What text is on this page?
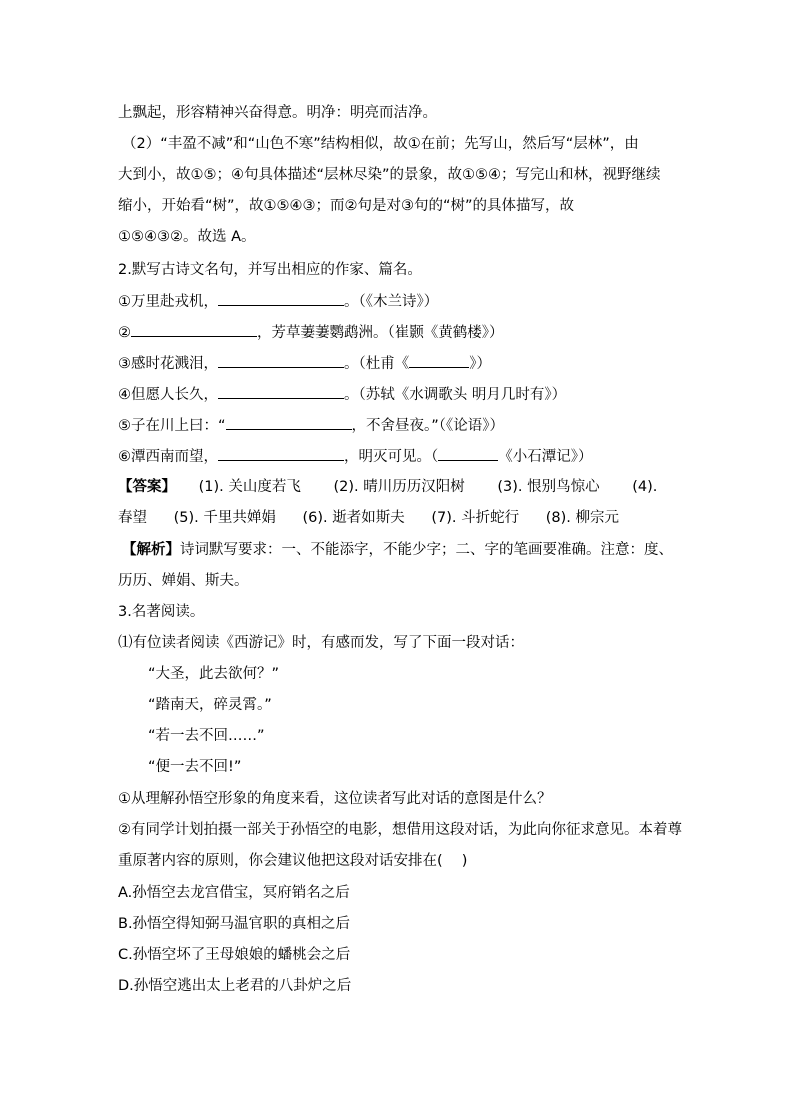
上飘起，形容精神兴奋得意。明净：明亮而洁净。
（2）“丰盈不减”和“山色不寒”结构相似，故①在前；先写山，然后写“层林”，由
大到小，故①⑤；④句具体描述“层林尽染”的景象，故①⑤④；写完山和林，视野继续
缩小，开始看“树”，故①⑤④③；而②句是对③句的“树”的具体描写，故
①⑤④③②。故选 A。
2.默写古诗文名句，并写出相应的作家、篇名。
①万里赴戎机，	。（《木兰诗》）
②	，芳草萋萋鹦鹉洲。（崔颢《黄鹤楼》）
③感时花溅泪，	。（杜甫《	》）
④但愿人长久，	。（苏轼《水调歌头 明月几时有》）
⑤子在川上曰：“	，不舍昼夜。”（《论语》）
⑥潭西南而望，	，明灭可见。（	《小石潭记》）
【答案】 (1). 关山度若飞 (2). 晴川历历汉阳树 (3). 恨别鸟惊心 (4).
春望 (5). 千里共婵娟 (6). 逝者如斯夫 (7). 斗折蛇行 (8). 柳宗元
【解析】诗词默写要求：一、不能添字，不能少字；二、字的笔画要准确。注意：度、
历历、婵娟、斯夫。
3.名著阅读。
⑴有位读者阅读《西游记》时，有感而发，写了下面一段对话：
“大圣，此去欲何？”
“踏南天，碎灵霄。”
“若一去不回……”
“便一去不回!”
①从理解孙悟空形象的角度来看，这位读者写此对话的意图是什么？
②有同学计划拍摄一部关于孙悟空的电影，想借用这段对话，为此向你征求意见。本着尊
重原著内容的原则，你会建议他把这段对话安排在(　 )
A.孙悟空去龙宫借宝，冥府销名之后
B.孙悟空得知弼马温官职的真相之后
C.孙悟空坏了王母娘娘的蟠桃会之后
D.孙悟空逃出太上老君的八卦炉之后
